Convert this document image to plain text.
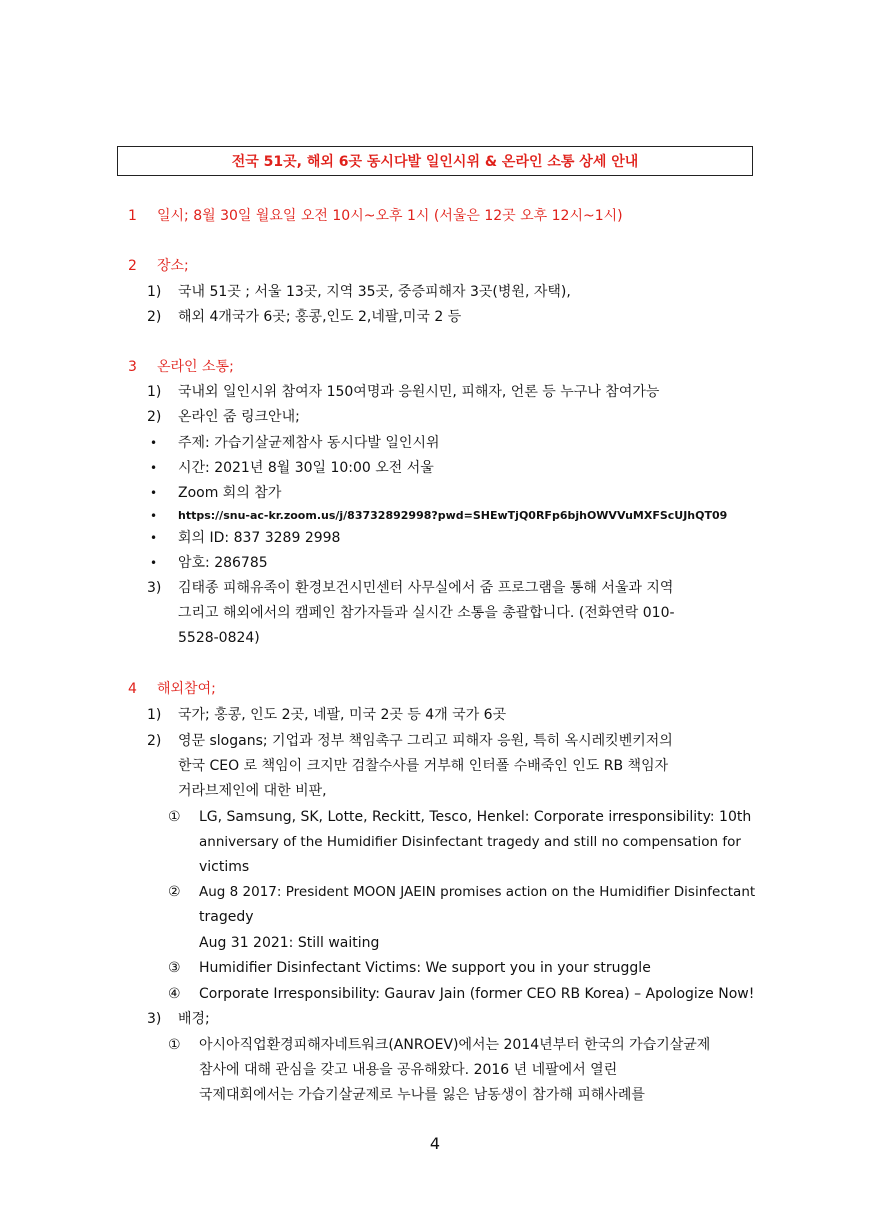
전국 51곳, 해외 6곳 동시다발 일인시위 & 온라인 소통 상세 안내
1 일시; 8월 30일 월요일 오전 10시~오후 1시 (서울은 12곳 오후 12시~1시)
2 장소;
1) 국내 51곳 ; 서울 13곳, 지역 35곳, 중증피해자 3곳(병원, 자택),
2) 해외 4개국가 6곳; 홍콩,인도 2,네팔,미국 2 등
3 온라인 소통;
1) 국내외 일인시위 참여자 150여명과 응원시민, 피해자, 언론 등 누구나 참여가능
2) 온라인 줌 링크안내;
• 주제: 가습기살균제참사 동시다발 일인시위
• 시간: 2021년 8월 30일 10:00 오전 서울
• Zoom 회의 참가
• https://snu-ac-kr.zoom.us/j/83732892998?pwd=SHEwTjQ0RFp6bjhOWVVuMXFScUJhQT09
• 회의 ID: 837 3289 2998
• 암호: 286785
3) 김태종 피해유족이 환경보건시민센터 사무실에서 줌 프로그램을 통해 서울과 지역
그리고 해외에서의 캠페인 참가자들과 실시간 소통을 총괄합니다. (전화연락 010-
5528-0824)
4 해외참여;
1) 국가; 홍콩, 인도 2곳, 네팔, 미국 2곳 등 4개 국가 6곳
2) 영문 slogans; 기업과 정부 책임촉구 그리고 피해자 응원, 특히 옥시레킷벤키저의
한국 CEO 로 책임이 크지만 검찰수사를 거부해 인터폴 수배죽인 인도 RB 책임자
거라브제인에 대한 비판,
① LG, Samsung, SK, Lotte, Reckitt, Tesco, Henkel: Corporate irresponsibility: 10th
anniversary of the Humidifier Disinfectant tragedy and still no compensation for
victims
② Aug 8 2017: President MOON JAEIN promises action on the Humidifier Disinfectant
tragedy
Aug 31 2021: Still waiting
③ Humidifier Disinfectant Victims: We support you in your struggle
④ Corporate Irresponsibility: Gaurav Jain (former CEO RB Korea) – Apologize Now!
3) 배경;
① 아시아직업환경피해자네트워크(ANROEV)에서는 2014년부터 한국의 가습기살균제
참사에 대해 관심을 갖고 내용을 공유해왔다. 2016 년 네팔에서 열린
국제대회에서는 가습기살균제로 누나를 잃은 남동생이 참가해 피해사례를
4
